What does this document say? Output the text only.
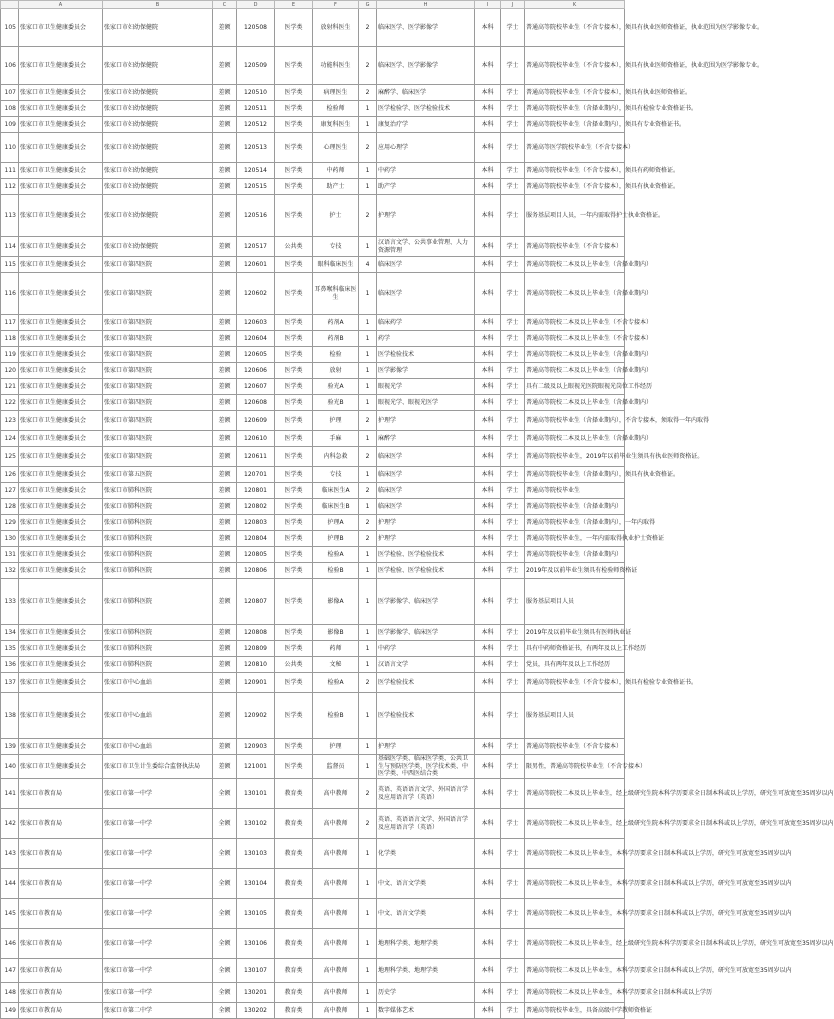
	A	B	C	D	E	F	G	H	I	J	K
105	张家口市卫生健康委员会	张家口市妇幼保健院	差额	120508	医学类	放射科医生	2	临床医学、医学影像学	本科	学士	普通高等院校毕业生（不含专接本），须具有执业医师资格证，执业范围为医学影像专业。
106	张家口市卫生健康委员会	张家口市妇幼保健院	差额	120509	医学类	功能科医生	2	临床医学、医学影像学	本科	学士	普通高等院校毕业生（不含专接本），须具有执业医师资格证，执业范围为医学影像专业。
107	张家口市卫生健康委员会	张家口市妇幼保健院	差额	120510	医学类	病理医生	2	麻醉学、临床医学	本科	学士	普通高等院校毕业生（不含专接本），须具有执业医师资格证。
108	张家口市卫生健康委员会	张家口市妇幼保健院	差额	120511	医学类	检验师	1	医学检验学、医学检验技术	本科	学士	普通高等院校毕业生（含择业期内），须具有检验专业资格证书。
109	张家口市卫生健康委员会	张家口市妇幼保健院	差额	120512	医学类	康复科医生	1	康复治疗学	本科	学士	普通高等院校毕业生（含择业期内），须具有专业资格证书。
110	张家口市卫生健康委员会	张家口市妇幼保健院	差额	120513	医学类	心理医生	2	应用心理学	本科	学士	普通高等医学院校毕业生（不含专接本）
111	张家口市卫生健康委员会	张家口市妇幼保健院	差额	120514	医学类	中药师	1	中药学	本科	学士	普通高等院校毕业生（不含专接本），须具有药师资格证。
112	张家口市卫生健康委员会	张家口市妇幼保健院	差额	120515	医学类	助产士	1	助产学	本科	学士	普通高等院校毕业生（不含专接本），须具有执业资格证。
113	张家口市卫生健康委员会	张家口市妇幼保健院	差额	120516	医学类	护士	2	护理学	本科	学士	服务基层项目人员，一年内需取得护士执业资格证。
114	张家口市卫生健康委员会	张家口市妇幼保健院	差额	120517	公共类	专技	1	汉语言文学、公共事业管理、人力资源管理	本科	学士	普通高等院校毕业生（不含专接本）
115	张家口市卫生健康委员会	张家口市第四医院	差额	120601	医学类	眼科临床医生	4	临床医学	本科	学士	普通高等院校二本及以上毕业生（含择业期内）
116	张家口市卫生健康委员会	张家口市第四医院	差额	120602	医学类	耳鼻喉科临床医生	1	临床医学	本科	学士	普通高等院校二本及以上毕业生（含择业期内）
117	张家口市卫生健康委员会	张家口市第四医院	差额	120603	医学类	药剂A	1	临床药学	本科	学士	普通高等院校二本及以上毕业生（不含专接本）
118	张家口市卫生健康委员会	张家口市第四医院	差额	120604	医学类	药剂B	1	药学	本科	学士	普通高等院校二本及以上毕业生（不含专接本）
119	张家口市卫生健康委员会	张家口市第四医院	差额	120605	医学类	检验	1	医学检验技术	本科	学士	普通高等院校二本及以上毕业生（含择业期内）
120	张家口市卫生健康委员会	张家口市第四医院	差额	120606	医学类	放射	1	医学影像学	本科	学士	普通高等院校二本及以上毕业生（含择业期内）
121	张家口市卫生健康委员会	张家口市第四医院	差额	120607	医学类	验光A	1	眼视光学	本科	学士	具有二级及以上眼视光医院眼视光岗位工作经历
122	张家口市卫生健康委员会	张家口市第四医院	差额	120608	医学类	验光B	1	眼视光学、眼视光医学	本科	学士	普通高等院校二本及以上毕业生（含择业期内）
123	张家口市卫生健康委员会	张家口市第四医院	差额	120609	医学类	护理	2	护理学	本科	学士	普通高等院校毕业生（含择业期内），不含专接本，须取得一年内取得
124	张家口市卫生健康委员会	张家口市第四医院	差额	120610	医学类	手麻	1	麻醉学	本科	学士	普通高等院校二本及以上毕业生（含择业期内）
125	张家口市卫生健康委员会	张家口市第四医院	差额	120611	医学类	内科急救	2	临床医学	本科	学士	普通高等院校毕业生，2019年以前毕业生须具有执业医师资格证。
126	张家口市卫生健康委员会	张家口市第五医院	差额	120701	医学类	专技	1	临床医学	本科	学士	普通高等院校毕业生（含择业期内），须具有执业资格证。
127	张家口市卫生健康委员会	张家口市肺科医院	差额	120801	医学类	临床医生A	2	临床医学	本科	学士	普通高等院校毕业生
128	张家口市卫生健康委员会	张家口市肺科医院	差额	120802	医学类	临床医生B	1	临床医学	本科	学士	普通高等院校毕业生（含择业期内）
129	张家口市卫生健康委员会	张家口市肺科医院	差额	120803	医学类	护理A	2	护理学	本科	学士	普通高等院校毕业生（含择业期内），一年内取得
130	张家口市卫生健康委员会	张家口市肺科医院	差额	120804	医学类	护理B	2	护理学	本科	学士	普通高等院校毕业生，一年内需取得执业护士资格证
131	张家口市卫生健康委员会	张家口市肺科医院	差额	120805	医学类	检验A	1	医学检验、医学检验技术	本科	学士	普通高等院校毕业生（含择业期内）
132	张家口市卫生健康委员会	张家口市肺科医院	差额	120806	医学类	检验B	1	医学检验、医学检验技术	本科	学士	2019年及以前毕业生须具有检验师资格证
133	张家口市卫生健康委员会	张家口市肺科医院	差额	120807	医学类	影像A	1	医学影像学、临床医学	本科	学士	服务基层项目人员
134	张家口市卫生健康委员会	张家口市肺科医院	差额	120808	医学类	影像B	1	医学影像学、临床医学	本科	学士	2019年及以前毕业生须具有医师执业证
135	张家口市卫生健康委员会	张家口市肺科医院	差额	120809	医学类	药师	1	中药学	本科	学士	具有中药师资格证书，有两年及以上工作经历
136	张家口市卫生健康委员会	张家口市肺科医院	差额	120810	公共类	文秘	1	汉语言文学	本科	学士	党员，具有两年及以上工作经历
137	张家口市卫生健康委员会	张家口市中心血站	差额	120901	医学类	检验A	2	医学检验技术	本科	学士	普通高等院校毕业生（不含专接本），须具有检验专业资格证书。
138	张家口市卫生健康委员会	张家口市中心血站	差额	120902	医学类	检验B	1	医学检验技术	本科	学士	服务基层项目人员
139	张家口市卫生健康委员会	张家口市中心血站	差额	120903	医学类	护理	1	护理学	本科	学士	普通高等院校毕业生（不含专接本）
140	张家口市卫生健康委员会	张家口市卫生计生委综合监督执法局	差额	121001	医学类	监督员	1	基础医学类、临床医学类、公共卫生与预防医学类、医学技术类、中医学类、中西医结合类	本科	学士	限男性，普通高等院校毕业生（不含专接本）
141	张家口市教育局	张家口市第一中学	全额	130101	教育类	高中教师	2	英语、英语语言文学、外国语言学及应用语言学（英语）	本科	学士	普通高等院校二本及以上毕业生，经上级研究生院本科学历要求全日制本科或以上学历，研究生可放宽至35周岁以内
142	张家口市教育局	张家口市第一中学	全额	130102	教育类	高中教师	2	英语、英语语言文学、外国语言学及应用语言学（英语）	本科	学士	普通高等院校二本及以上毕业生，经上级研究生院本科学历要求全日制本科或以上学历，研究生可放宽至35周岁以内
143	张家口市教育局	张家口市第一中学	全额	130103	教育类	高中教师	1	化学类	本科	学士	普通高等院校二本及以上毕业生，本科学历要求全日制本科或以上学历，研究生可放宽至35周岁以内
144	张家口市教育局	张家口市第一中学	全额	130104	教育类	高中教师	1	中文、语言文学类	本科	学士	普通高等院校二本及以上毕业生，本科学历要求全日制本科或以上学历，研究生可放宽至35周岁以内
145	张家口市教育局	张家口市第一中学	全额	130105	教育类	高中教师	1	中文、语言文学类	本科	学士	普通高等院校二本及以上毕业生，本科学历要求全日制本科或以上学历，研究生可放宽至35周岁以内
146	张家口市教育局	张家口市第一中学	全额	130106	教育类	高中教师	1	地理科学类、地理学类	本科	学士	普通高等院校二本及以上毕业生，经上级研究生院本科学历要求全日制本科或以上学历，研究生可放宽至35周岁以内
147	张家口市教育局	张家口市第一中学	全额	130107	教育类	高中教师	1	地理科学类、地理学类	本科	学士	普通高等院校二本及以上毕业生，本科学历要求全日制本科或以上学历，研究生可放宽至35周岁以内
148	张家口市教育局	张家口市第一中学	全额	130201	教育类	高中教师	1	历史学	本科	学士	普通高等院校二本及以上毕业生，本科学历要求全日制本科或以上学历
149	张家口市教育局	张家口市第二中学	全额	130202	教育类	高中教师	1	数字媒体艺术	本科	学士	普通高等院校毕业生，具备高级中学教师资格证
